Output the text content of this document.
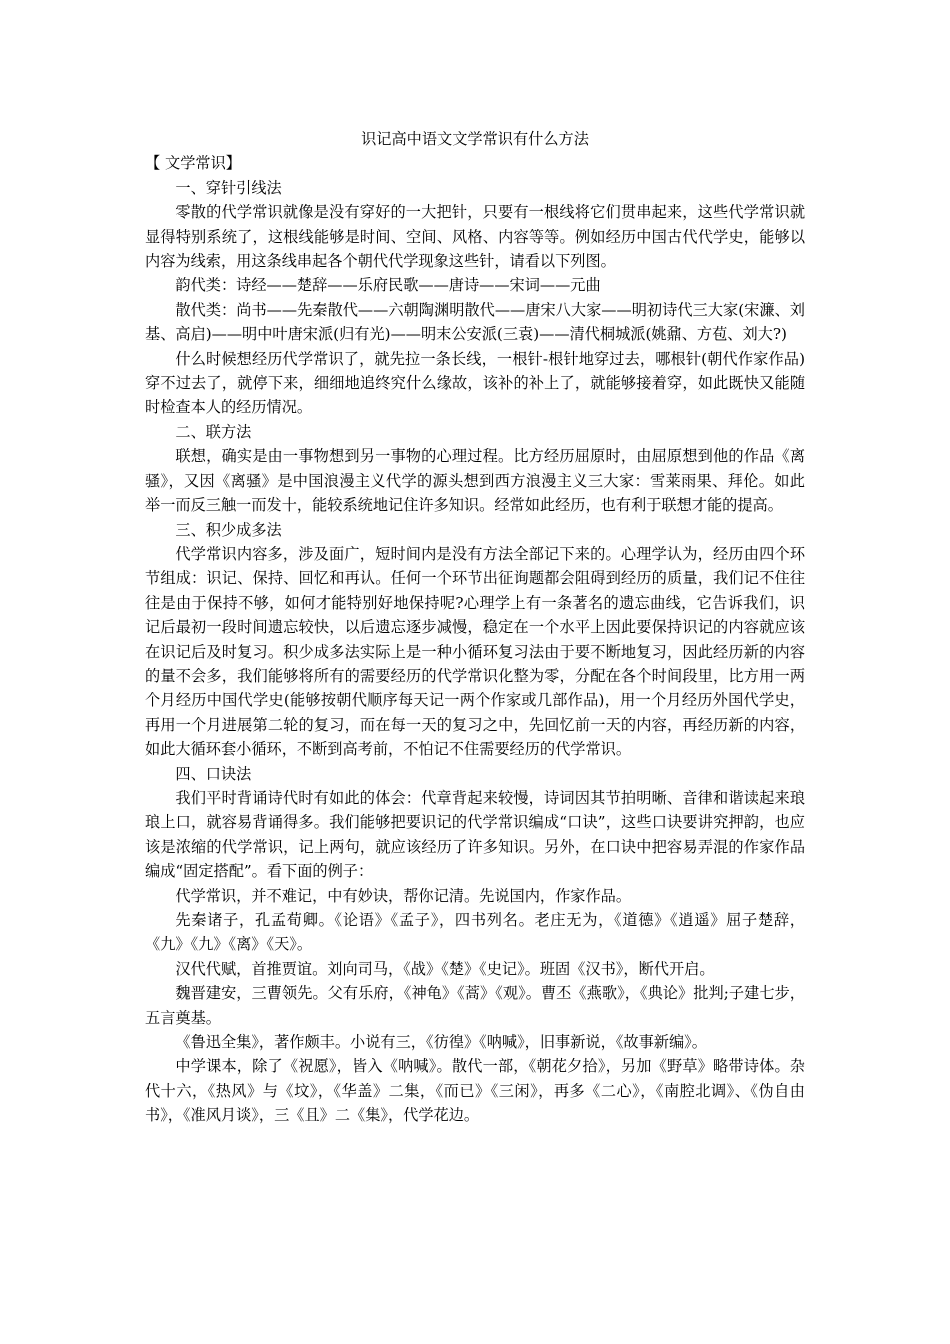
识记高中语文文学常识有什么方法

【 文学常识】

一、穿针引线法

零散的代学常识就像是没有穿好的一大把针，只要有一根线将它们贯串起来，这些代学常识就显得特别系统了，这根线能够是时间、空间、风格、内容等等。例如经历中国古代代学史，能够以内容为线索，用这条线串起各个朝代代学现象这些针，请看以下列图。

韵代类：诗经——楚辞——乐府民歌——唐诗——宋词——元曲

散代类：尚书——先秦散代——六朝陶渊明散代——唐宋八大家——明初诗代三大家(宋濂、刘基、高启)——明中叶唐宋派(归有光)——明末公安派(三袁)——清代桐城派(姚鼐、方苞、刘大?)

什么时候想经历代学常识了，就先拉一条长线，一根针-根针地穿过去，哪根针(朝代作家作品)穿不过去了，就停下来，细细地追终究什么缘故，该补的补上了，就能够接着穿，如此既快又能随时检查本人的经历情况。

二、联方法

联想，确实是由一事物想到另一事物的心理过程。比方经历屈原时，由屈原想到他的作品《离骚》，又因《离骚》是中国浪漫主义代学的源头想到西方浪漫主义三大家：雪莱雨果、拜伦。如此举一而反三触一而发十，能较系统地记住许多知识。经常如此经历，也有利于联想才能的提高。

三、积少成多法

代学常识内容多，涉及面广，短时间内是没有方法全部记下来的。心理学认为，经历由四个环节组成：识记、保持、回忆和再认。任何一个环节出征询题都会阻碍到经历的质量，我们记不住往往是由于保持不够，如何才能特别好地保持呢?心理学上有一条著名的遗忘曲线，它告诉我们，识记后最初一段时间遗忘较快，以后遗忘逐步减慢，稳定在一个水平上因此要保持识记的内容就应该在识记后及时复习。积少成多法实际上是一种小循环复习法由于要不断地复习，因此经历新的内容的量不会多，我们能够将所有的需要经历的代学常识化整为零，分配在各个时间段里，比方用一两个月经历中国代学史(能够按朝代顺序每天记一两个作家或几部作品)，用一个月经历外国代学史，再用一个月进展第二轮的复习，而在每一天的复习之中，先回忆前一天的内容，再经历新的内容，如此大循环套小循环，不断到高考前，不怕记不住需要经历的代学常识。

四、口诀法

我们平时背诵诗代时有如此的体会：代章背起来较慢，诗词因其节拍明晰、音律和谐读起来琅琅上口，就容易背诵得多。我们能够把要识记的代学常识编成“口诀”，这些口诀要讲究押韵，也应该是浓缩的代学常识，记上两句，就应该经历了许多知识。另外，在口诀中把容易弄混的作家作品编成“固定搭配”。看下面的例子：

代学常识，并不难记，中有妙诀，帮你记清。先说国内，作家作品。

先秦诸子，孔孟荀卿。《论语》《孟子》，四书列名。老庄无为，《道德》《逍遥》屈子楚辞，《九》《九》《离》《天》。

汉代代赋，首推贾谊。刘向司马，《战》《楚》《史记》。班固《汉书》，断代开启。

魏晋建安，三曹领先。父有乐府，《神龟》《蒿》《观》。曹丕《燕歌》，《典论》批判;子建七步，五言奠基。

《鲁迅全集》，著作颇丰。小说有三，《彷徨》《呐喊》，旧事新说，《故事新编》。

中学课本，除了《祝愿》，皆入《呐喊》。散代一部，《朝花夕拾》，另加《野草》略带诗体。杂代十六，《热风》与《坟》，《华盖》二集，《而已》《三闲》，再多《二心》，《南腔北调》、《伪自由书》，《准风月谈》，三《且》二《集》，代学花边。
